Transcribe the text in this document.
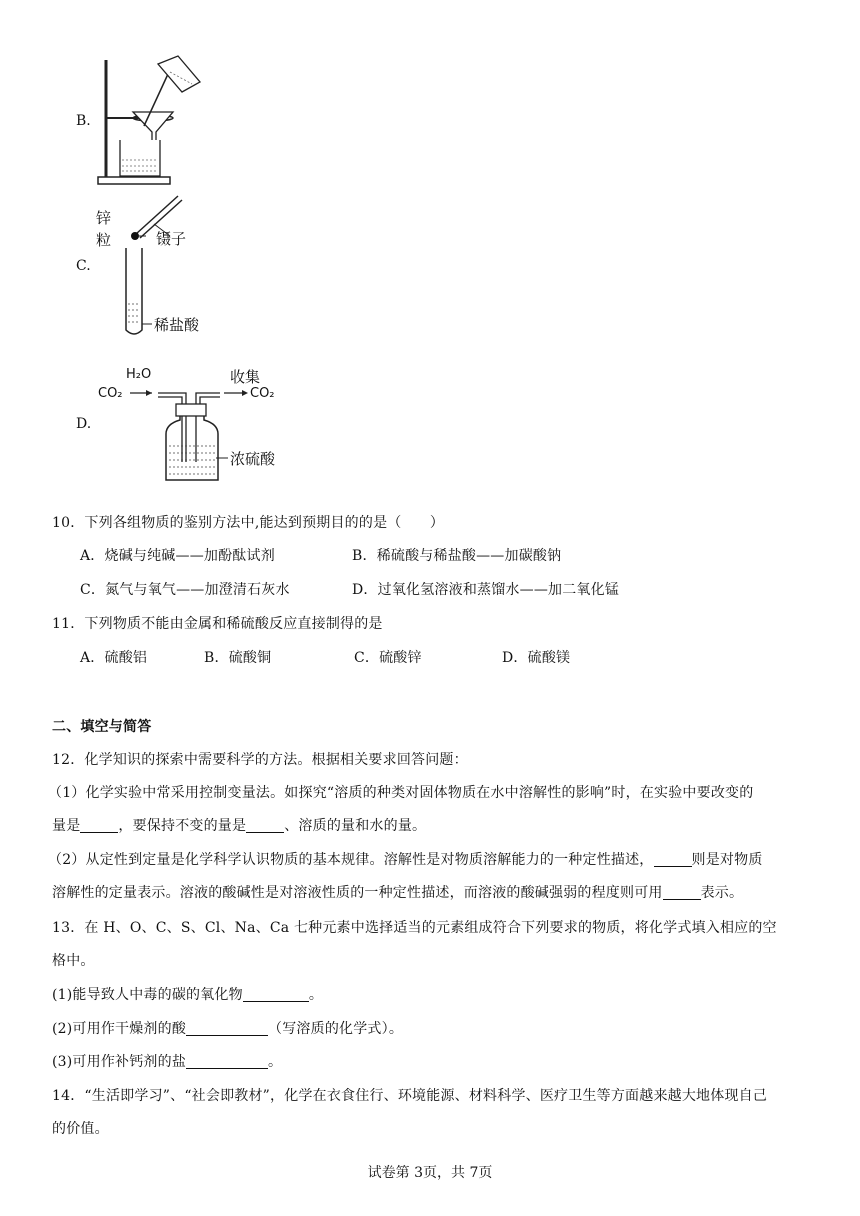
B.
C.
锌
粒	镊子
稀盐酸
D.
H₂O
CO₂
收集
CO₂
浓硫酸
10．下列各组物质的鉴别方法中,能达到预期目的的是（　　）
A．烧碱与纯碱——加酚酞试剂	B．稀硫酸与稀盐酸——加碳酸钠
C．氮气与氧气——加澄清石灰水	D．过氧化氢溶液和蒸馏水——加二氧化锰
11．下列物质不能由金属和稀硫酸反应直接制得的是
A．硫酸铝	B．硫酸铜	C．硫酸锌	D．硫酸镁
二、填空与简答
12．化学知识的探索中需要科学的方法。根据相关要求回答问题：
（1）化学实验中常采用控制变量法。如探究“溶质的种类对固体物质在水中溶解性的影响”时，在实验中要改变的
量是	，要保持不变的量是	、溶质的量和水的量。
（2）从定性到定量是化学科学认识物质的基本规律。溶解性是对物质溶解能力的一种定性描述，	则是对物质
溶解性的定量表示。溶液的酸碱性是对溶液性质的一种定性描述，而溶液的酸碱强弱的程度则可用	表示。
13．在 H、O、C、S、Cl、Na、Ca 七种元素中选择适当的元素组成符合下列要求的物质，将化学式填入相应的空
格中。
(1)能导致人中毒的碳的氧化物	。
(2)可用作干燥剂的酸	（写溶质的化学式）。
(3)可用作补钙剂的盐	。
14．“生活即学习”、“社会即教材”，化学在衣食住行、环境能源、材料科学、医疗卫生等方面越来越大地体现自己
的价值。
试卷第 3页，共 7页
